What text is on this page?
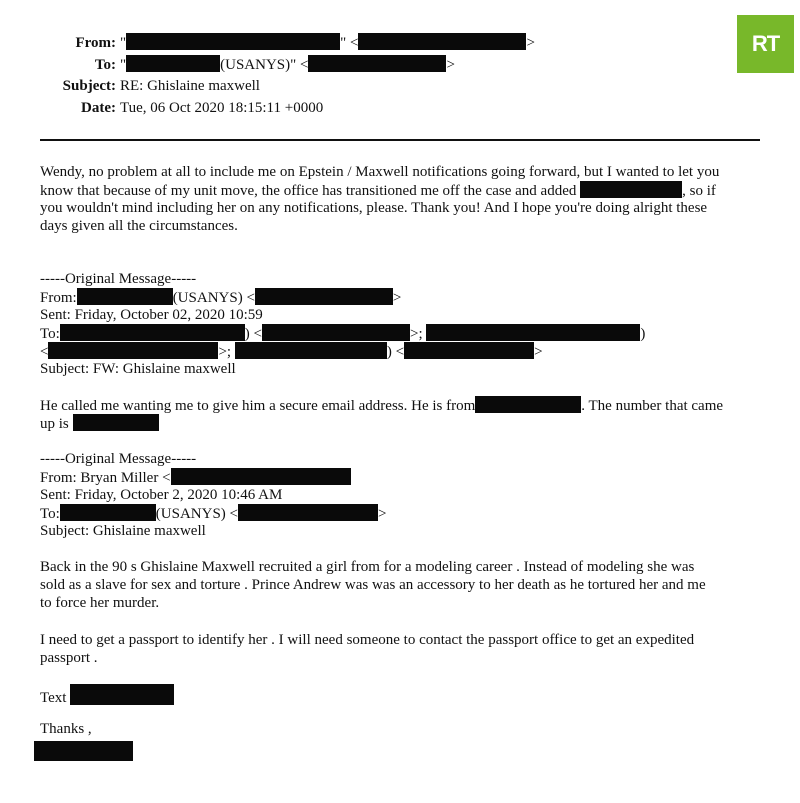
RT
From: "	" <	>
To: "	(USANYS)" <	>
Subject: RE: Ghislaine maxwell
Date: Tue, 06 Oct 2020 18:15:11 +0000
Wendy, no problem at all to include me on Epstein / Maxwell notifications going forward, but I wanted to let you
know that because of my unit move, the office has transitioned me off the case and added	, so if
you wouldn't mind including her on any notifications, please. Thank you! And I hope you're doing alright these
days given all the circumstances.
-----Original Message-----
From:	(USANYS) <	>
Sent: Friday, October 02, 2020 10:59
To:	) <	>;	)
<	>;	) <	>
Subject: FW: Ghislaine maxwell
He called me wanting me to give him a secure email address. He is from	. The number that came
up is
-----Original Message-----
From: Bryan Miller <
Sent: Friday, October 2, 2020 10:46 AM
To:	(USANYS) <	>
Subject: Ghislaine maxwell
Back in the 90 s Ghislaine Maxwell recruited a girl from for a modeling career . Instead of modeling she was
sold as a slave for sex and torture . Prince Andrew was was an accessory to her death as he tortured her and me
to force her murder.
I need to get a passport to identify her . I will need someone to contact the passport office to get an expedited
passport .
Text
Thanks ,
